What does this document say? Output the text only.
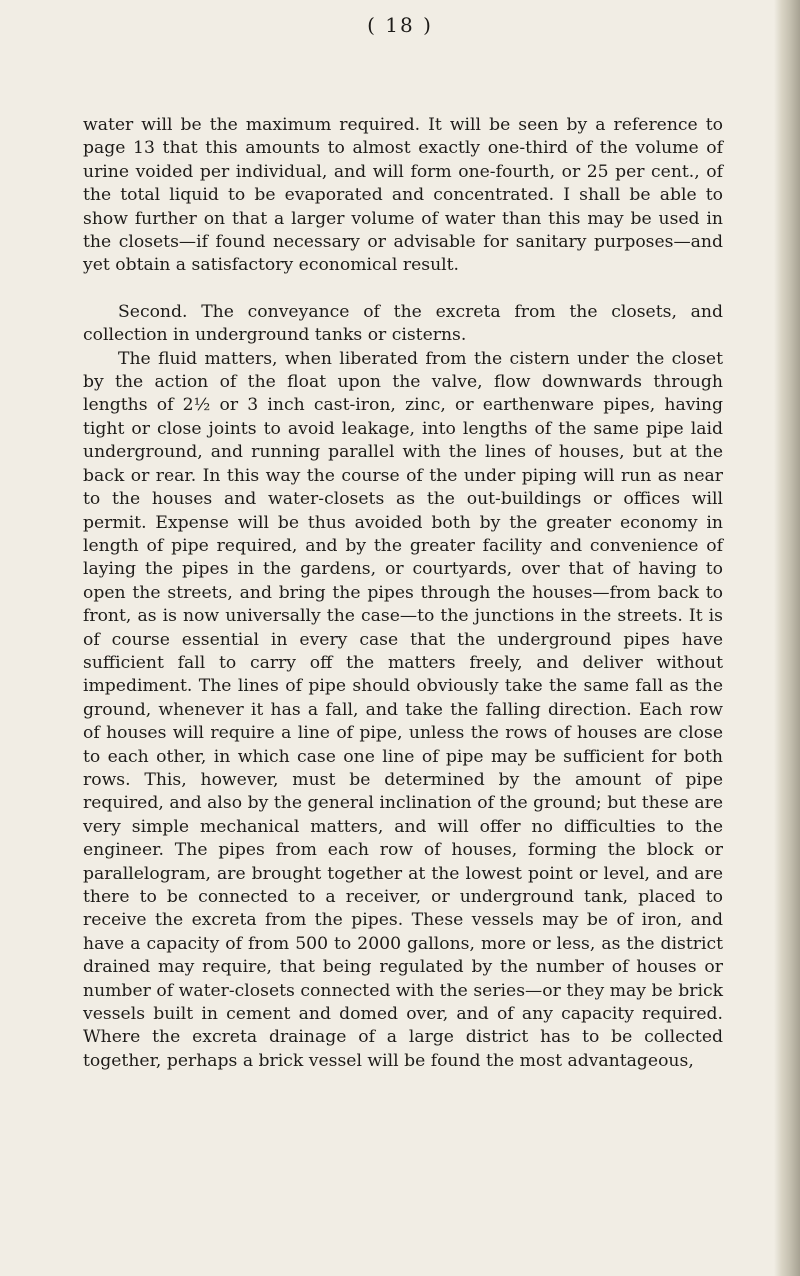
( 18 )

water will be the maximum required. It will be seen by a reference to page 13 that this amounts to almost exactly one-third of the volume of urine voided per individual, and will form one-fourth, or 25 per cent., of the total liquid to be evaporated and concentrated. I shall be able to show further on that a larger volume of water than this may be used in the closets—if found necessary or advisable for sanitary purposes—and yet obtain a satisfactory economical result.

Second. The conveyance of the excreta from the closets, and collection in underground tanks or cisterns.

The fluid matters, when liberated from the cistern under the closet by the action of the float upon the valve, flow downwards through lengths of 2½ or 3 inch cast-iron, zinc, or earthenware pipes, having tight or close joints to avoid leakage, into lengths of the same pipe laid underground, and running parallel with the lines of houses, but at the back or rear. In this way the course of the under piping will run as near to the houses and water-closets as the out-buildings or offices will permit. Expense will be thus avoided both by the greater economy in length of pipe required, and by the greater facility and convenience of laying the pipes in the gardens, or courtyards, over that of having to open the streets, and bring the pipes through the houses—from back to front, as is now universally the case—to the junctions in the streets. It is of course essential in every case that the underground pipes have sufficient fall to carry off the matters freely, and deliver without impediment. The lines of pipe should obviously take the same fall as the ground, whenever it has a fall, and take the falling direction. Each row of houses will require a line of pipe, unless the rows of houses are close to each other, in which case one line of pipe may be sufficient for both rows. This, however, must be determined by the amount of pipe required, and also by the general inclination of the ground; but these are very simple mechanical matters, and will offer no difficulties to the engineer. The pipes from each row of houses, forming the block or parallelogram, are brought together at the lowest point or level, and are there to be connected to a receiver, or underground tank, placed to receive the excreta from the pipes. These vessels may be of iron, and have a capacity of from 500 to 2000 gallons, more or less, as the district drained may require, that being regulated by the number of houses or number of water-closets connected with the series—or they may be brick vessels built in cement and domed over, and of any capacity required. Where the excreta drainage of a large district has to be collected together, perhaps a brick vessel will be found the most advantageous,
